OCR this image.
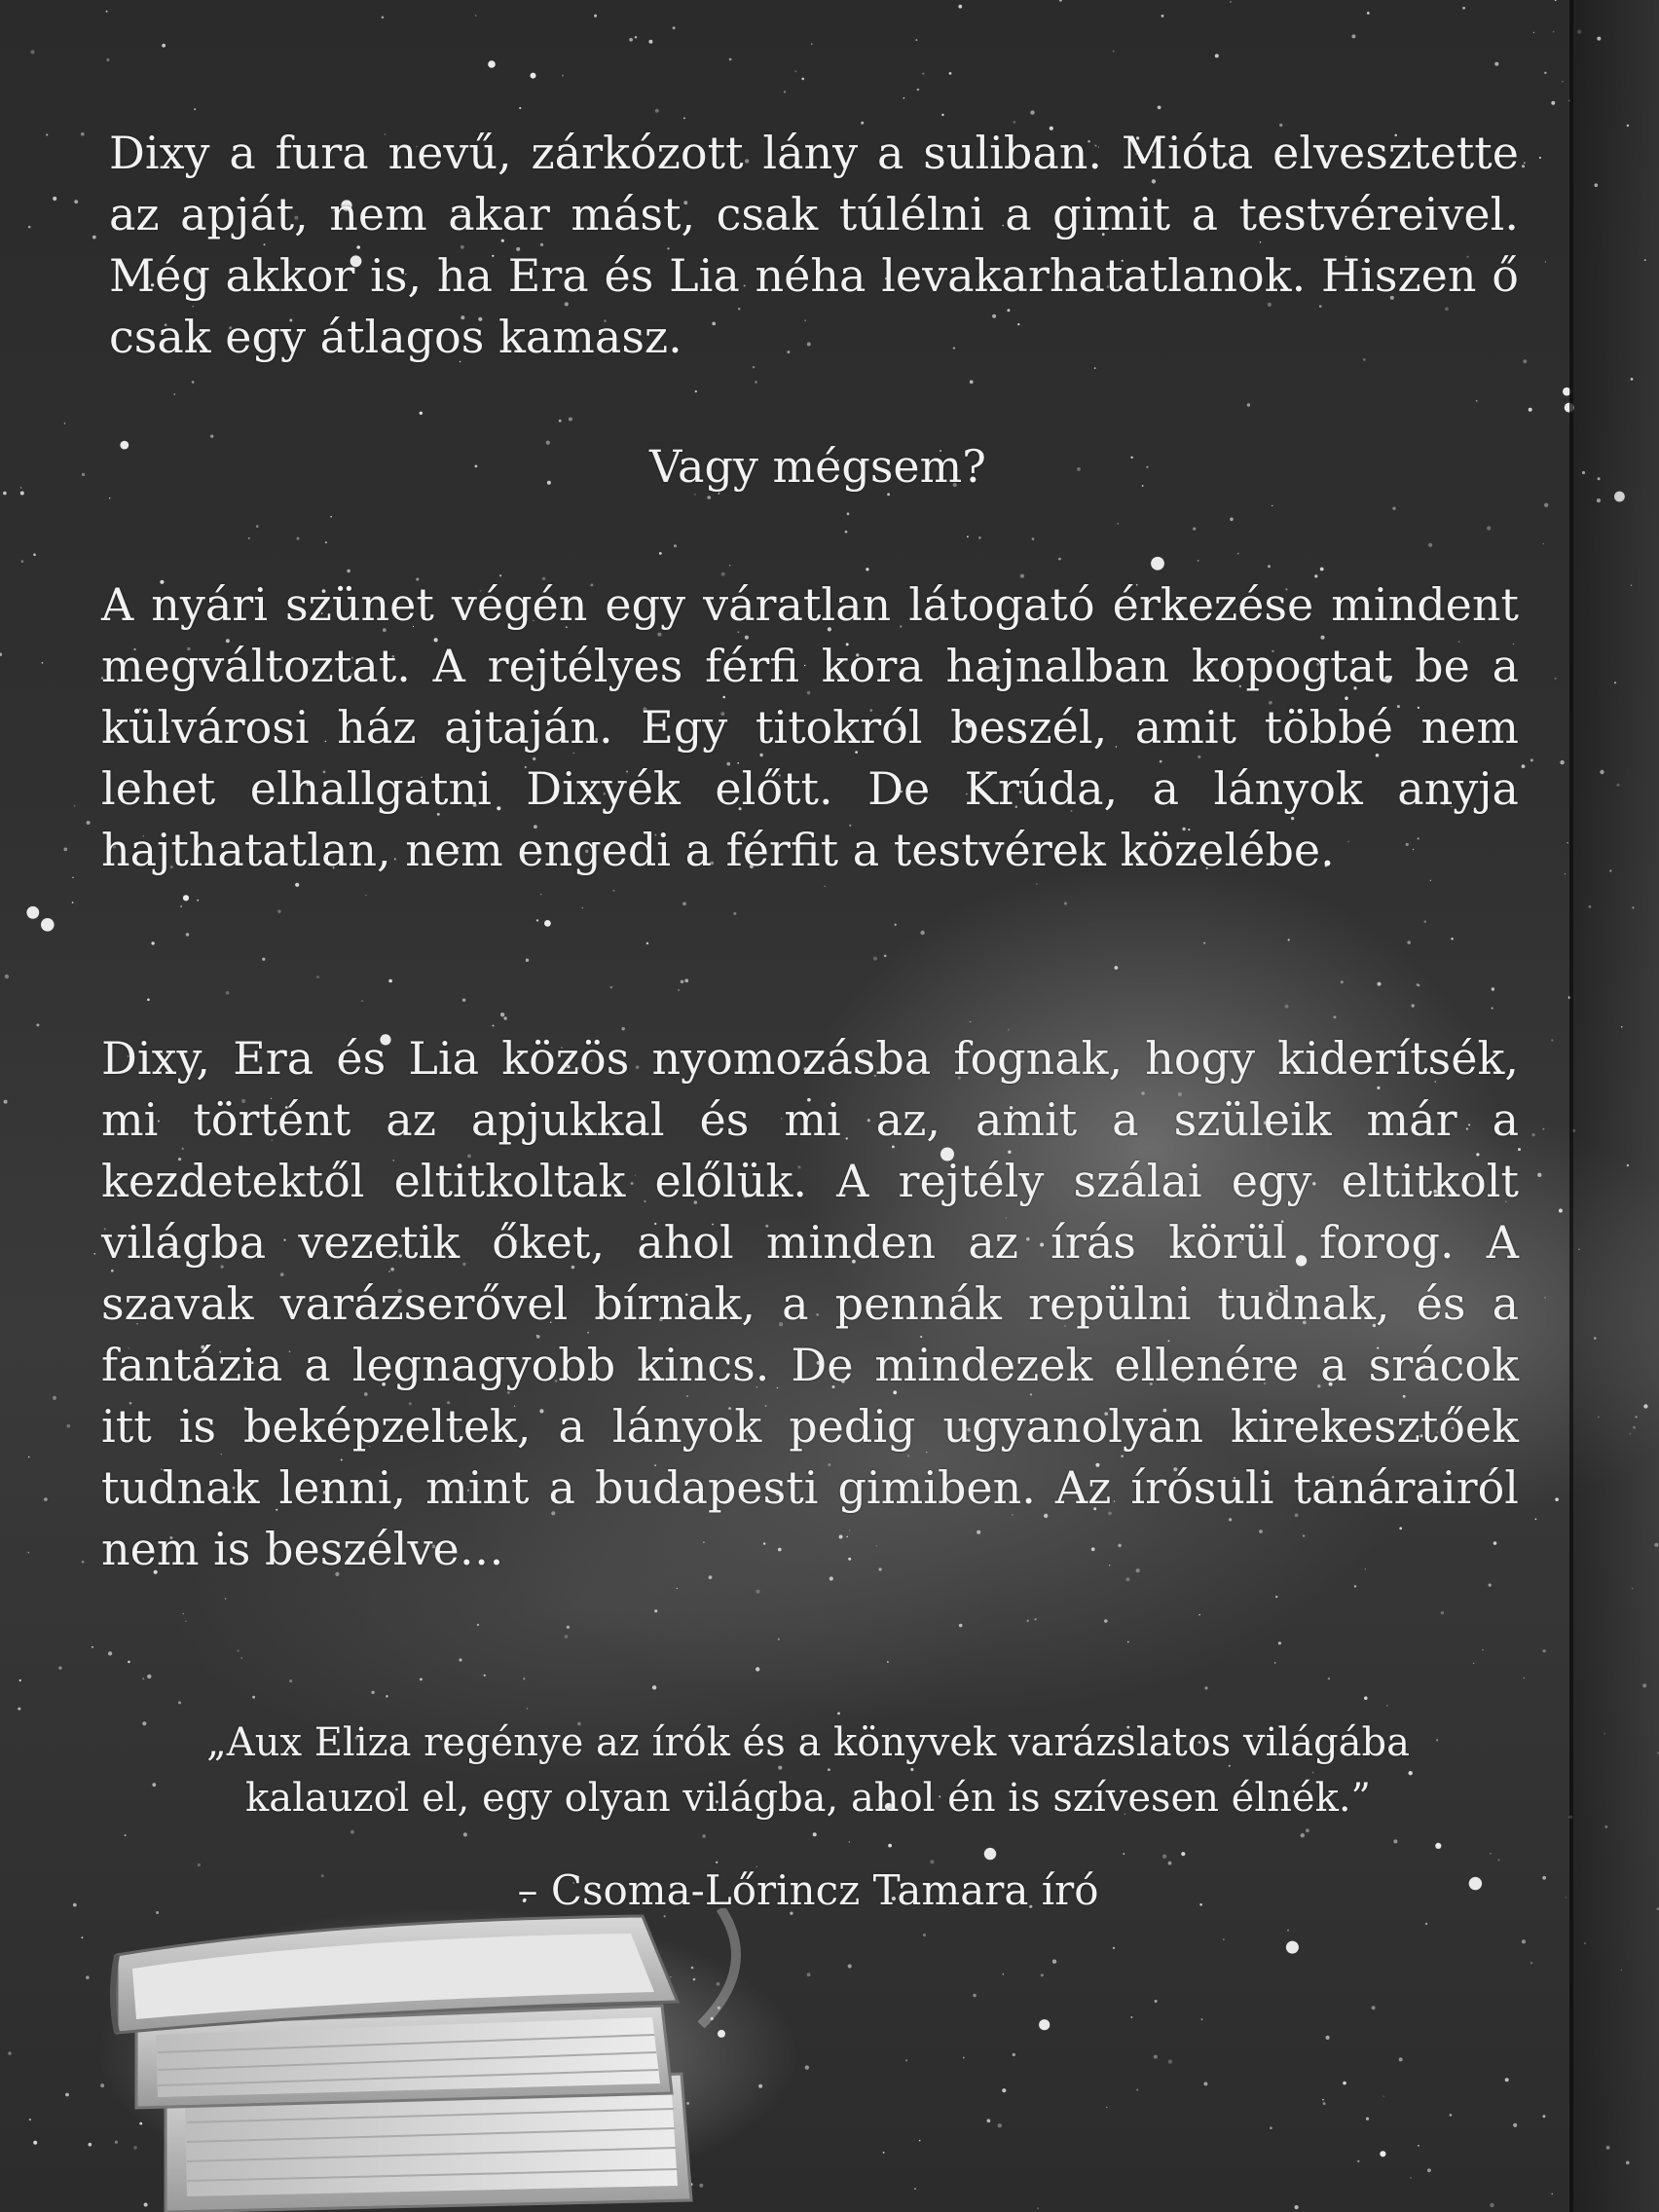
Dixy a fura nevű, zárkózott lány a suliban. Mióta elvesztette az apját, nem akar mást, csak túlélni a gimit a testvéreivel. Még akkor is, ha Era és Lia néha levakarhatatlanok. Hiszen ő csak egy átlagos kamasz.

Vagy mégsem?

A nyári szünet végén egy váratlan látogató érkezése mindent megváltoztat. A rejtélyes férfi kora hajnalban kopogtat be a külvárosi ház ajtaján. Egy titokról beszél, amit többé nem lehet elhallgatni Dixyék előtt. De Krúda, a lányok anyja hajthatatlan, nem engedi a férfit a testvérek közelébe.

Dixy, Era és Lia közös nyomozásba fognak, hogy kiderítsék, mi történt az apjukkal és mi az, amit a szüleik már a kezdetektől eltitkoltak előlük. A rejtély szálai egy eltitkolt világba vezetik őket, ahol minden az írás körül forog. A szavak varázserővel bírnak, a pennák repülni tudnak, és a fantázia a legnagyobb kincs. De mindezek ellenére a srácok itt is beképzeltek, a lányok pedig ugyanolyan kirekesztőek tudnak lenni, mint a budapesti gimiben. Az írósuli tanárairól nem is beszélve…

„Aux Eliza regénye az írók és a könyvek varázslatos világába
kalauzol el, egy olyan világba, ahol én is szívesen élnék.”
– Csoma-Lőrincz Tamara író
